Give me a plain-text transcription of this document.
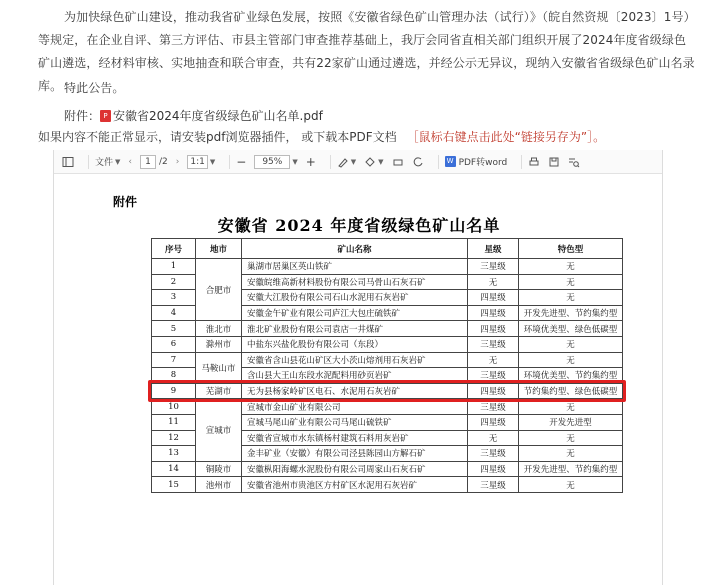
为加快绿色矿山建设，推动我省矿业绿色发展，按照《安徽省绿色矿山管理办法（试行）》（皖自然资规〔2023〕1号）等规定，在企业自评、第三方评估、市县主管部门审查推荐基础上，我厅会同省直相关部门组织开展了2024年度省级绿色矿山遴选，经材料审核、实地抽查和联合审查，共有22家矿山通过遴选，并经公示无异议，现纳入安徽省省级绿色矿山名录库。 特此公告。
附件： P 安徽省2024年度省级绿色矿山名单.pdf
如果内容不能正常显示，请安装pdf浏览器插件， 或下载本PDF文档 ［鼠标右键点击此处“链接另存为”］。
文件 ▼ ‹	1 /2 ›	1:1 ▼ −	95%	▼ +	▼	▼	W PDF转word
附件
安徽省 2024 年度省级绿色矿山名单
序号	地市	矿山名称	星级	特色型
1	合肥市	巢湖市居巢区英山铁矿	三星级	无
2		安徽皖维高新材料股份有限公司马骨山石灰石矿	无	无
3		安徽大江股份有限公司石山水泥用石灰岩矿	四星级	无
4		安徽金午矿业有限公司庐江大包庄硫铁矿	四星级	开发先进型、节约集约型
5	淮北市	淮北矿业股份有限公司袁店一井煤矿	四星级	环境优美型、绿色低碳型
6	滁州市	中盐东兴盐化股份有限公司（东段）	三星级	无
7	马鞍山市	安徽省含山县花山矿区大小茨山熔剂用石灰岩矿	无	无
8		含山县大王山东段水泥配料用砂页岩矿	三星级	环境优美型、节约集约型
9	芜湖市	无为县杨家岭矿区电石、水泥用石灰岩矿	四星级	节约集约型、绿色低碳型
10	宣城市	宣城市金山矿业有限公司	三星级	无
11		宣城马尾山矿业有限公司马尾山硫铁矿	四星级	开发先进型
12		安徽省宣城市水东镇杨村建筑石料用灰岩矿	无	无
13		金丰矿业（安徽）有限公司泾县陈园山方解石矿	三星级	无
14	铜陵市	安徽枞阳海螺水泥股份有限公司周家山石灰石矿	四星级	开发先进型、节约集约型
15	池州市	安徽省池州市贵池区方村矿区水泥用石灰岩矿	三星级	无
